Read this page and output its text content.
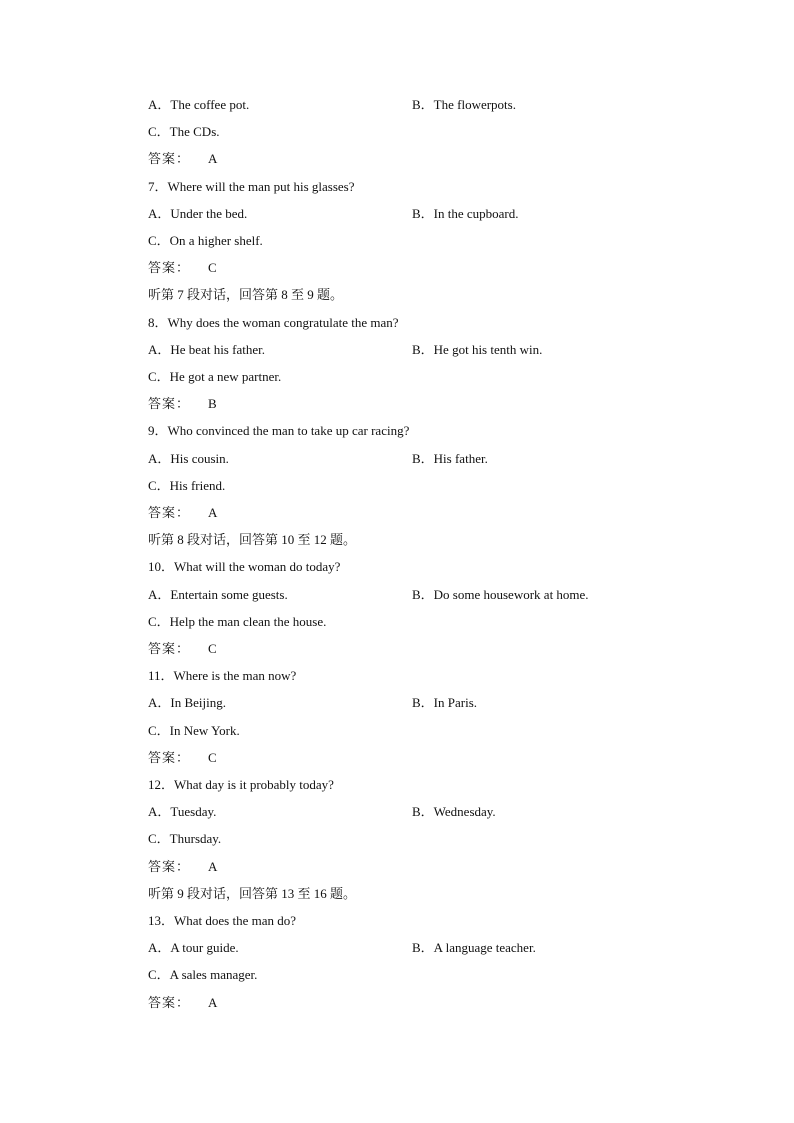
A．The coffee pot.	B．The flowerpots.
C．The CDs.
答案： A
7．Where will the man put his glasses?
A．Under the bed.	B．In the cupboard.
C．On a higher shelf.
答案： C
听第 7 段对话，回答第 8 至 9 题。
8．Why does the woman congratulate the man?
A．He beat his father.	B．He got his tenth win.
C．He got a new partner.
答案： B
9．Who convinced the man to take up car racing?
A．His cousin.	B．His father.
C．His friend.
答案： A
听第 8 段对话，回答第 10 至 12 题。
10．What will the woman do today?
A．Entertain some guests.	B．Do some housework at home.
C．Help the man clean the house.
答案： C
11．Where is the man now?
A．In Beijing.	B．In Paris.
C．In New York.
答案： C
12．What day is it probably today?
A．Tuesday.	B．Wednesday.
C．Thursday.
答案： A
听第 9 段对话，回答第 13 至 16 题。
13．What does the man do?
A．A tour guide.	B．A language teacher.
C．A sales manager.
答案： A
